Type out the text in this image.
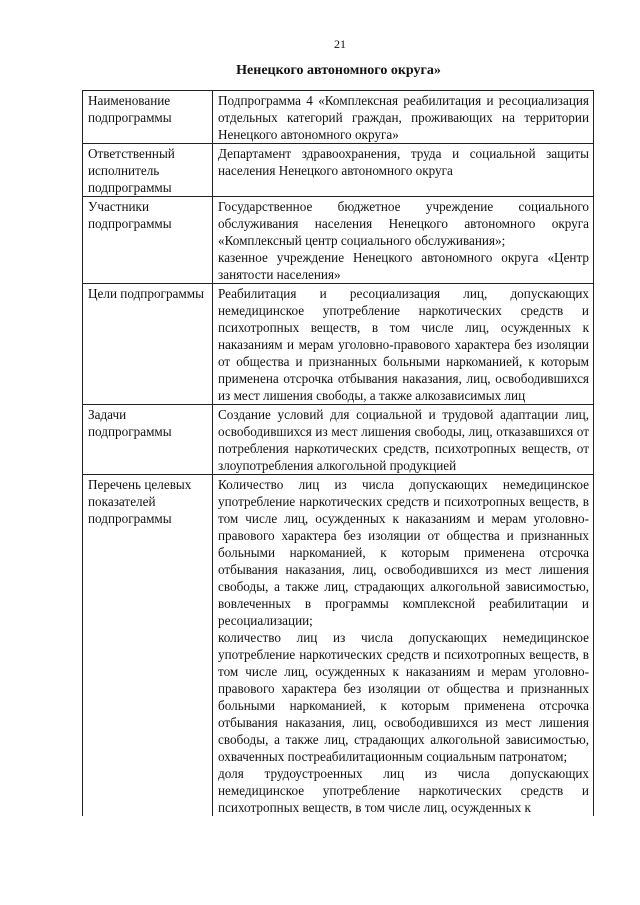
21
Ненецкого автономного округа»
Наименование подпрограммы	Подпрограмма 4 «Комплексная реабилитация и ресоциализация отдельных категорий граждан, проживающих на территории Ненецкого автономного округа»

Ответственный исполнитель подпрограммы	Департамент здравоохранения, труда и социальной защиты населения Ненецкого автономного округа

Участники подпрограммы	Государственное бюджетное учреждение социального обслуживания населения Ненецкого автономного округа «Комплексный центр социального обслуживания»;

казенное учреждение Ненецкого автономного округа «Центр занятости населения»

Цели подпрограммы	Реабилитация и ресоциализация лиц, допускающих немедицинское употребление наркотических средств и психотропных веществ, в том числе лиц, осужденных к наказаниям и мерам уголовно-правового характера без изоляции от общества и признанных больными наркоманией, к которым применена отсрочка отбывания наказания, лиц, освободившихся из мест лишения свободы, а также алкозависимых лиц

Задачи подпрограммы	Создание условий для социальной и трудовой адаптации лиц, освободившихся из мест лишения свободы, лиц, отказавшихся от потребления наркотических средств, психотропных веществ, от злоупотребления алкогольной продукцией

Перечень целевых показателей подпрограммы	Количество лиц из числа допускающих немедицинское употребление наркотических средств и психотропных веществ, в том числе лиц, осужденных к наказаниям и мерам уголовно-правового характера без изоляции от общества и признанных больными наркоманией, к которым применена отсрочка отбывания наказания, лиц, освободившихся из мест лишения свободы, а также лиц, страдающих алкогольной зависимостью, вовлеченных в программы комплексной реабилитации и ресоциализации;

количество лиц из числа допускающих немедицинское употребление наркотических средств и психотропных веществ, в том числе лиц, осужденных к наказаниям и мерам уголовно-правового характера без изоляции от общества и признанных больными наркоманией, к которым применена отсрочка отбывания наказания, лиц, освободившихся из мест лишения свободы, а также лиц, страдающих алкогольной зависимостью, охваченных постреабилитационным социальным патронатом;

доля трудоустроенных лиц из числа допускающих немедицинское употребление наркотических средств и психотропных веществ, в том числе лиц, осужденных к
